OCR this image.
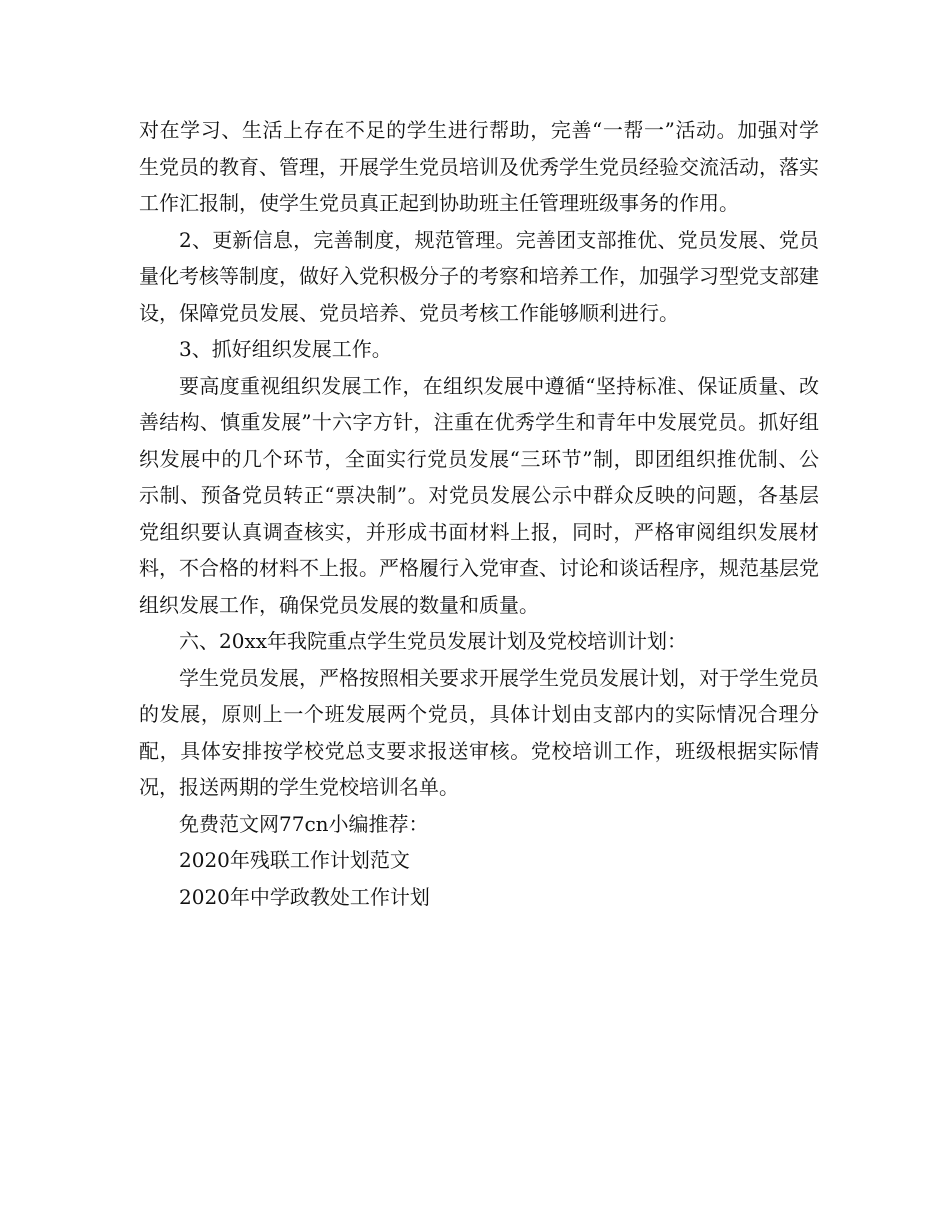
对在学习、生活上存在不足的学生进行帮助，完善“一帮一”活动。加强对学生党员的教育、管理，开展学生党员培训及优秀学生党员经验交流活动，落实工作汇报制，使学生党员真正起到协助班主任管理班级事务的作用。

2、更新信息，完善制度，规范管理。完善团支部推优、党员发展、党员量化考核等制度，做好入党积极分子的考察和培养工作，加强学习型党支部建设，保障党员发展、党员培养、党员考核工作能够顺利进行。

3、抓好组织发展工作。

要高度重视组织发展工作，在组织发展中遵循“坚持标准、保证质量、改善结构、慎重发展”十六字方针，注重在优秀学生和青年中发展党员。抓好组织发展中的几个环节，全面实行党员发展“三环节”制，即团组织推优制、公示制、预备党员转正“票决制”。对党员发展公示中群众反映的问题，各基层党组织要认真调查核实，并形成书面材料上报，同时，严格审阅组织发展材料，不合格的材料不上报。严格履行入党审查、讨论和谈话程序，规范基层党组织发展工作，确保党员发展的数量和质量。

六、20xx年我院重点学生党员发展计划及党校培训计划：

学生党员发展，严格按照相关要求开展学生党员发展计划，对于学生党员的发展，原则上一个班发展两个党员，具体计划由支部内的实际情况合理分配，具体安排按学校党总支要求报送审核。党校培训工作，班级根据实际情况，报送两期的学生党校培训名单。

免费范文网77cn小编推荐：

2020年残联工作计划范文

2020年中学政教处工作计划
